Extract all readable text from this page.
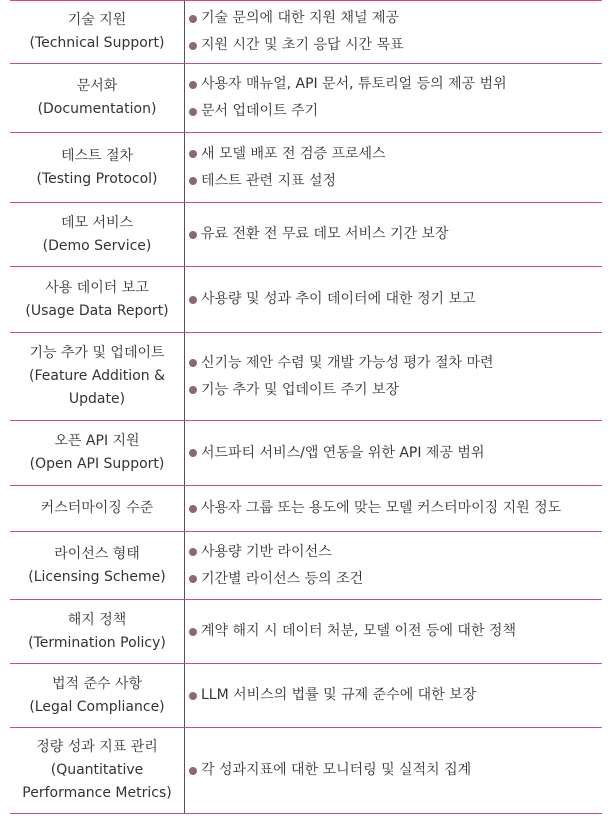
기술 지원
(Technical Support)
기술 문의에 대한 지원 채널 제공
지원 시간 및 초기 응답 시간 목표
문서화
(Documentation)
사용자 매뉴얼, API 문서, 튜토리얼 등의 제공 범위
문서 업데이트 주기
테스트 절차
(Testing Protocol)
새 모델 배포 전 검증 프로세스
테스트 관련 지표 설정
데모 서비스
(Demo Service)
유료 전환 전 무료 데모 서비스 기간 보장
사용 데이터 보고
(Usage Data Report)
사용량 및 성과 추이 데이터에 대한 정기 보고
기능 추가 및 업데이트
(Feature Addition &
Update)
신기능 제안 수렴 및 개발 가능성 평가 절차 마련
기능 추가 및 업데이트 주기 보장
오픈 API 지원
(Open API Support)
서드파티 서비스/앱 연동을 위한 API 제공 범위
커스터마이징 수준	사용자 그룹 또는 용도에 맞는 모델 커스터마이징 지원 정도
라이선스 형태
(Licensing Scheme)
사용량 기반 라이선스
기간별 라이선스 등의 조건
해지 정책
(Termination Policy)
계약 해지 시 데이터 처분, 모델 이전 등에 대한 정책
법적 준수 사항
(Legal Compliance)
LLM 서비스의 법률 및 규제 준수에 대한 보장
정량 성과 지표 관리
(Quantitative
Performance Metrics)
각 성과지표에 대한 모니터링 및 실적치 집계
